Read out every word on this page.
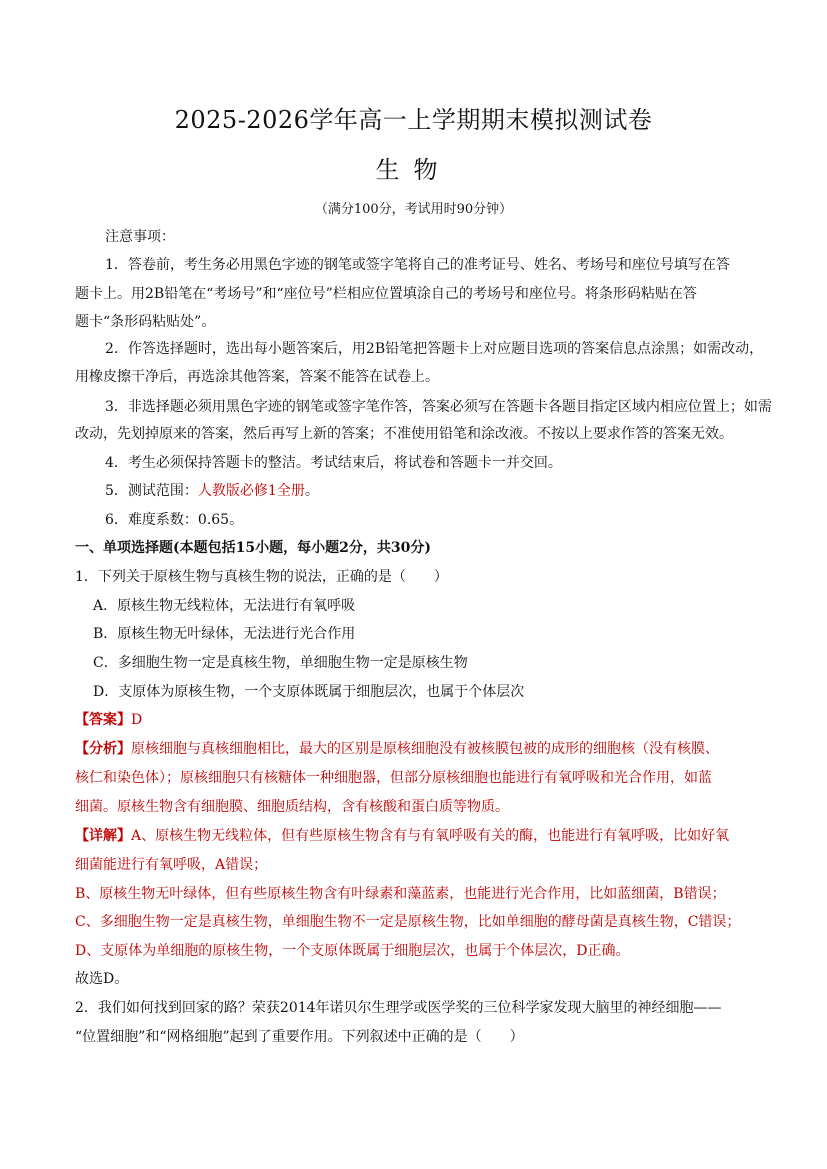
2025-2026学年高一上学期期末模拟测试卷
生物
（满分100分，考试用时90分钟）
注意事项：
1．答卷前，考生务必用黑色字迹的钢笔或签字笔将自己的准考证号、姓名、考场号和座位号填写在答
题卡上。用2B铅笔在“考场号”和“座位号”栏相应位置填涂自己的考场号和座位号。将条形码粘贴在答
题卡“条形码粘贴处”。
2．作答选择题时，选出每小题答案后，用2B铅笔把答题卡上对应题目选项的答案信息点涂黑；如需改动，
用橡皮擦干净后，再选涂其他答案，答案不能答在试卷上。
3．非选择题必须用黑色字迹的钢笔或签字笔作答，答案必须写在答题卡各题目指定区域内相应位置上；如需
改动，先划掉原来的答案，然后再写上新的答案；不准使用铅笔和涂改液。不按以上要求作答的答案无效。
4．考生必须保持答题卡的整洁。考试结束后，将试卷和答题卡一并交回。
5．测试范围：人教版必修1全册。
6．难度系数：0.65。
一、单项选择题(本题包括15小题，每小题2分，共30分)
1．下列关于原核生物与真核生物的说法，正确的是（　　）
A．原核生物无线粒体，无法进行有氧呼吸
B．原核生物无叶绿体，无法进行光合作用
C．多细胞生物一定是真核生物，单细胞生物一定是原核生物
D．支原体为原核生物，一个支原体既属于细胞层次，也属于个体层次
【答案】D
【分析】原核细胞与真核细胞相比，最大的区别是原核细胞没有被核膜包被的成形的细胞核（没有核膜、
核仁和染色体）；原核细胞只有核糖体一种细胞器，但部分原核细胞也能进行有氧呼吸和光合作用，如蓝
细菌。原核生物含有细胞膜、细胞质结构，含有核酸和蛋白质等物质。
【详解】A、原核生物无线粒体，但有些原核生物含有与有氧呼吸有关的酶，也能进行有氧呼吸，比如好氧
细菌能进行有氧呼吸，A错误；
B、原核生物无叶绿体，但有些原核生物含有叶绿素和藻蓝素，也能进行光合作用，比如蓝细菌，B错误；
C、多细胞生物一定是真核生物，单细胞生物不一定是原核生物，比如单细胞的酵母菌是真核生物，C错误；
D、支原体为单细胞的原核生物，一个支原体既属于细胞层次，也属于个体层次，D正确。
故选D。
2．我们如何找到回家的路？荣获2014年诺贝尔生理学或医学奖的三位科学家发现大脑里的神经细胞——
“位置细胞”和“网格细胞”起到了重要作用。下列叙述中正确的是（　　）
